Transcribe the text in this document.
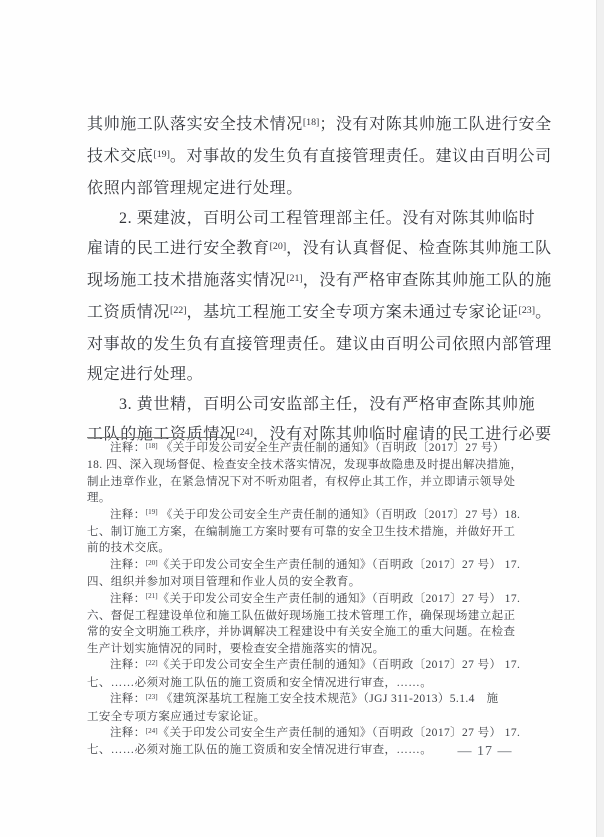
其帅施工队落实安全技术情况[18]；没有对陈其帅施工队进行安全
技术交底[19]。对事故的发生负有直接管理责任。建议由百明公司
依照内部管理规定进行处理。
2. 栗建波，百明公司工程管理部主任。没有对陈其帅临时
雇请的民工进行安全教育[20]，没有认真督促、检查陈其帅施工队
现场施工技术措施落实情况[21]，没有严格审查陈其帅施工队的施
工资质情况[22]，基坑工程施工安全专项方案未通过专家论证[23]。
对事故的发生负有直接管理责任。建议由百明公司依照内部管理
规定进行处理。
3. 黄世精，百明公司安监部主任，没有严格审查陈其帅施
工队的施工资质情况[24]，没有对陈其帅临时雇请的民工进行必要
注释：[18] 《关于印发公司安全生产责任制的通知》（百明政〔2017〕27 号）
18. 四、深入现场督促、检查安全技术落实情况，发现事故隐患及时提出解决措施，
制止违章作业，在紧急情况下对不听劝阻者，有权停止其工作，并立即请示领导处
理。
注释：[19] 《关于印发公司安全生产责任制的通知》（百明政〔2017〕27 号）18.
七、制订施工方案，在编制施工方案时要有可靠的安全卫生技术措施，并做好开工
前的技术交底。
注释：[20]《关于印发公司安全生产责任制的通知》（百明政〔2017〕27 号） 17.
四、组织并参加对项目管理和作业人员的安全教育。
注释：[21]《关于印发公司安全生产责任制的通知》（百明政〔2017〕27 号） 17.
六、督促工程建设单位和施工队伍做好现场施工技术管理工作，确保现场建立起正
常的安全文明施工秩序，并协调解决工程建设中有关安全施工的重大问题。在检查
生产计划实施情况的同时，要检查安全措施落实的情况。
注释：[22]《关于印发公司安全生产责任制的通知》（百明政〔2017〕27 号） 17.
七、……必须对施工队伍的施工资质和安全情况进行审查，……。
注释：[23] 《建筑深基坑工程施工安全技术规范》（JGJ 311-2013）5.1.4　施
工安全专项方案应通过专家论证。
注释：[24]《关于印发公司安全生产责任制的通知》（百明政〔2017〕27 号） 17.
七、……必须对施工队伍的施工资质和安全情况进行审查，……。	— 17 —
